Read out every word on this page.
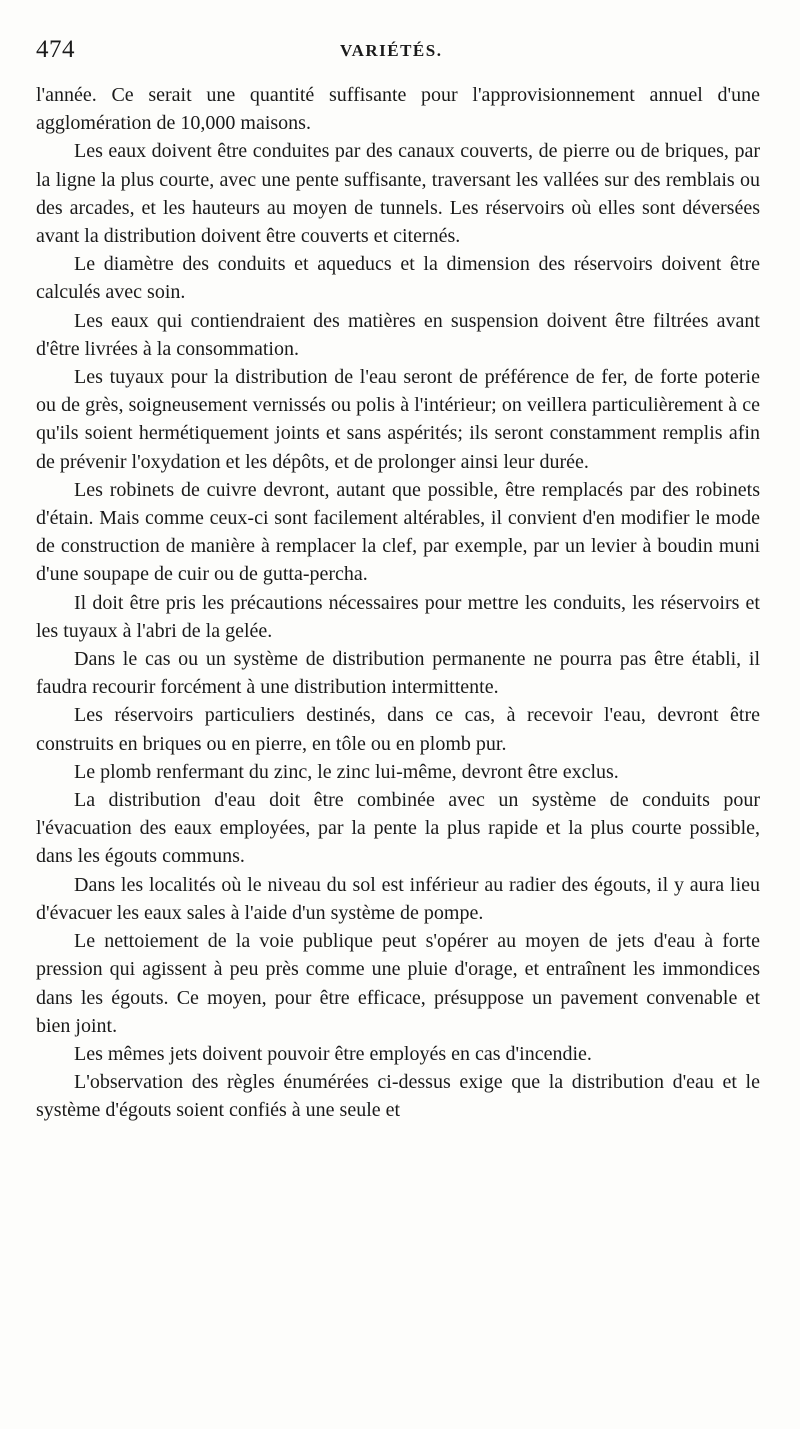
474	VARIÉTÉS.

l'année. Ce serait une quantité suffisante pour l'approvisionnement annuel d'une agglomération de 10,000 maisons.

Les eaux doivent être conduites par des canaux couverts, de pierre ou de briques, par la ligne la plus courte, avec une pente suffisante, traversant les vallées sur des remblais ou des arcades, et les hauteurs au moyen de tunnels. Les réservoirs où elles sont déversées avant la distribution doivent être couverts et citernés.

Le diamètre des conduits et aqueducs et la dimension des réservoirs doivent être calculés avec soin.

Les eaux qui contiendraient des matières en suspension doivent être filtrées avant d'être livrées à la consommation.

Les tuyaux pour la distribution de l'eau seront de préférence de fer, de forte poterie ou de grès, soigneusement vernissés ou polis à l'intérieur; on veillera particulièrement à ce qu'ils soient hermétiquement joints et sans aspérités; ils seront constamment remplis afin de prévenir l'oxydation et les dépôts, et de prolonger ainsi leur durée.

Les robinets de cuivre devront, autant que possible, être remplacés par des robinets d'étain. Mais comme ceux-ci sont facilement altérables, il convient d'en modifier le mode de construction de manière à remplacer la clef, par exemple, par un levier à boudin muni d'une soupape de cuir ou de gutta-percha.

Il doit être pris les précautions nécessaires pour mettre les conduits, les réservoirs et les tuyaux à l'abri de la gelée.

Dans le cas ou un système de distribution permanente ne pourra pas être établi, il faudra recourir forcément à une distribution intermittente.

Les réservoirs particuliers destinés, dans ce cas, à recevoir l'eau, devront être construits en briques ou en pierre, en tôle ou en plomb pur.

Le plomb renfermant du zinc, le zinc lui-même, devront être exclus.

La distribution d'eau doit être combinée avec un système de conduits pour l'évacuation des eaux employées, par la pente la plus rapide et la plus courte possible, dans les égouts communs.

Dans les localités où le niveau du sol est inférieur au radier des égouts, il y aura lieu d'évacuer les eaux sales à l'aide d'un système de pompe.

Le nettoiement de la voie publique peut s'opérer au moyen de jets d'eau à forte pression qui agissent à peu près comme une pluie d'orage, et entraînent les immondices dans les égouts. Ce moyen, pour être efficace, présuppose un pavement convenable et bien joint.

Les mêmes jets doivent pouvoir être employés en cas d'incendie.

L'observation des règles énumérées ci-dessus exige que la distribution d'eau et le système d'égouts soient confiés à une seule et
